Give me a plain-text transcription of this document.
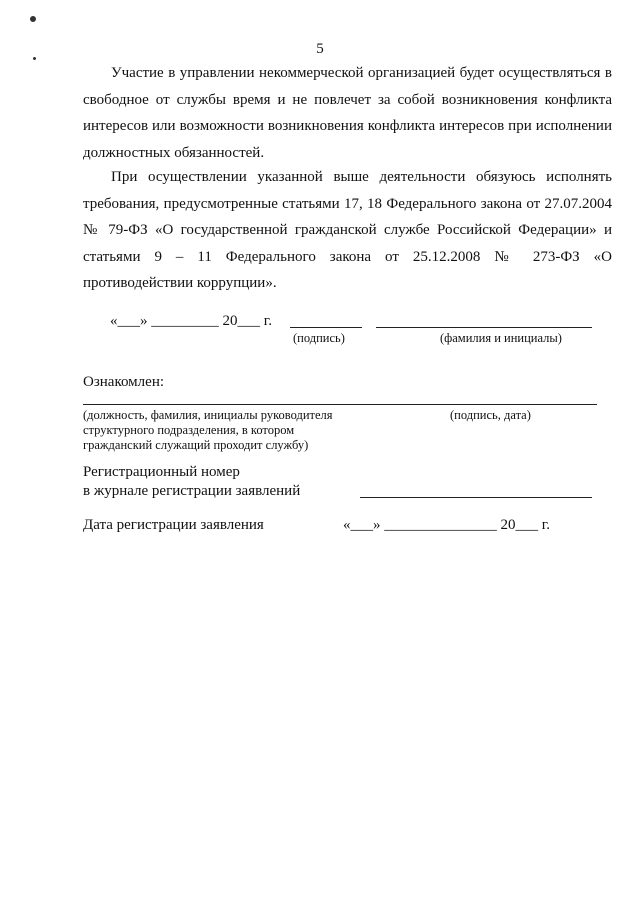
5

Участие в управлении некоммерческой организацией будет осуществляться в свободное от службы время и не повлечет за собой возникновения конфликта интересов или возможности возникновения конфликта интересов при исполнении должностных обязанностей.

При осуществлении указанной выше деятельности обязуюсь исполнять требования, предусмотренные статьями 17, 18 Федерального закона от 27.07.2004 № 79-ФЗ «О государственной гражданской службе Российской Федерации» и статьями 9 – 11 Федерального закона от 25.12.2008 № 273-ФЗ «О противодействии коррупции».

«___» _________ 20___ г.
(подпись)	(фамилия и инициалы)
Ознакомлен:
(должность, фамилия, инициалы руководителя
структурного подразделения, в котором
гражданский служащий проходит службу)
(подпись, дата)
Регистрационный номер
в журнале регистрации заявлений
Дата регистрации заявления	«___» _______________ 20___ г.
